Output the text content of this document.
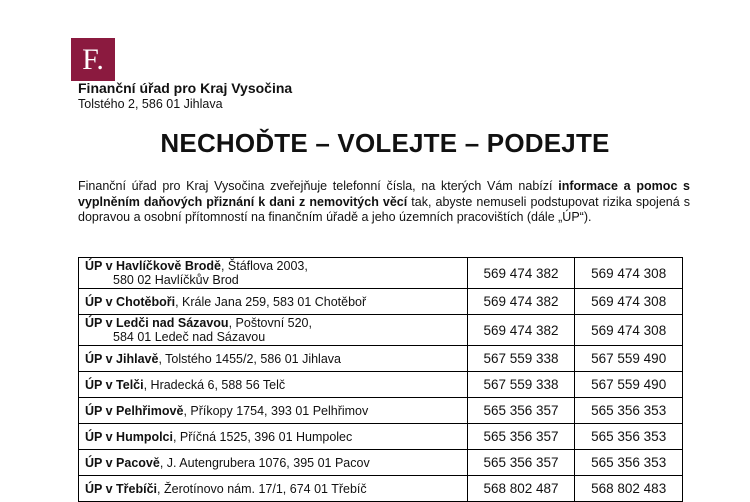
F.
Finanční úřad pro Kraj Vysočina
Tolstého 2, 586 01 Jihlava
NECHOĎTE – VOLEJTE – PODEJTE
Finanční úřad pro Kraj Vysočina zveřejňuje telefonní čísla, na kterých Vám nabízí informace a pomoc s vyplněním daňových přiznání k dani z nemovitých věcí tak, abyste nemuseli podstupovat rizika spojená s dopravou a osobní přítomností na finančním úřadě a jeho územních pracovištích (dále „ÚP“).
ÚP v Havlíčkově Brodě, Štáflova 2003,
580 02 Havlíčkův Brod	569 474 382	569 474 308
ÚP v Chotěboři, Krále Jana 259, 583 01 Chotěboř	569 474 382	569 474 308
ÚP v Ledči nad Sázavou, Poštovní 520,
584 01 Ledeč nad Sázavou	569 474 382	569 474 308
ÚP v Jihlavě, Tolstého 1455/2, 586 01 Jihlava	567 559 338	567 559 490
ÚP v Telči, Hradecká 6, 588 56 Telč	567 559 338	567 559 490
ÚP v Pelhřimově, Příkopy 1754, 393 01 Pelhřimov	565 356 357	565 356 353
ÚP v Humpolci, Příčná 1525, 396 01 Humpolec	565 356 357	565 356 353
ÚP v Pacově, J. Autengrubera 1076, 395 01 Pacov	565 356 357	565 356 353
ÚP v Třebíči, Žerotínovo nám. 17/1, 674 01 Třebíč	568 802 487	568 802 483
